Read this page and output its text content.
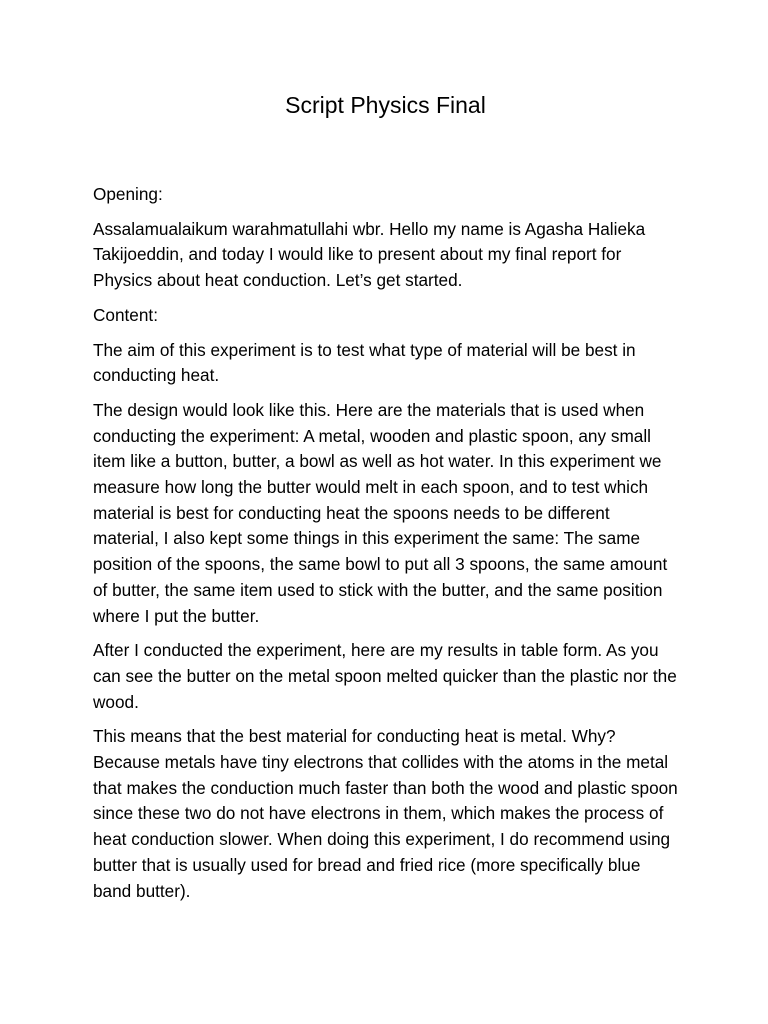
Script Physics Final

Opening:

Assalamualaikum warahmatullahi wbr. Hello my name is Agasha Halieka Takijoeddin, and today I would like to present about my final report for Physics about heat conduction. Let’s get started.

Content:

The aim of this experiment is to test what type of material will be best in conducting heat.

The design would look like this. Here are the materials that is used when conducting the experiment: A metal, wooden and plastic spoon, any small item like a button, butter, a bowl as well as hot water. In this experiment we measure how long the butter would melt in each spoon, and to test which material is best for conducting heat the spoons needs to be different material, I also kept some things in this experiment the same: The same position of the spoons, the same bowl to put all 3 spoons, the same amount of butter, the same item used to stick with the butter, and the same position where I put the butter.

After I conducted the experiment, here are my results in table form. As you can see the butter on the metal spoon melted quicker than the plastic nor the wood.

This means that the best material for conducting heat is metal. Why? Because metals have tiny electrons that collides with the atoms in the metal that makes the conduction much faster than both the wood and plastic spoon since these two do not have electrons in them, which makes the process of heat conduction slower. When doing this experiment, I do recommend using butter that is usually used for bread and fried rice (more specifically blue band butter).
